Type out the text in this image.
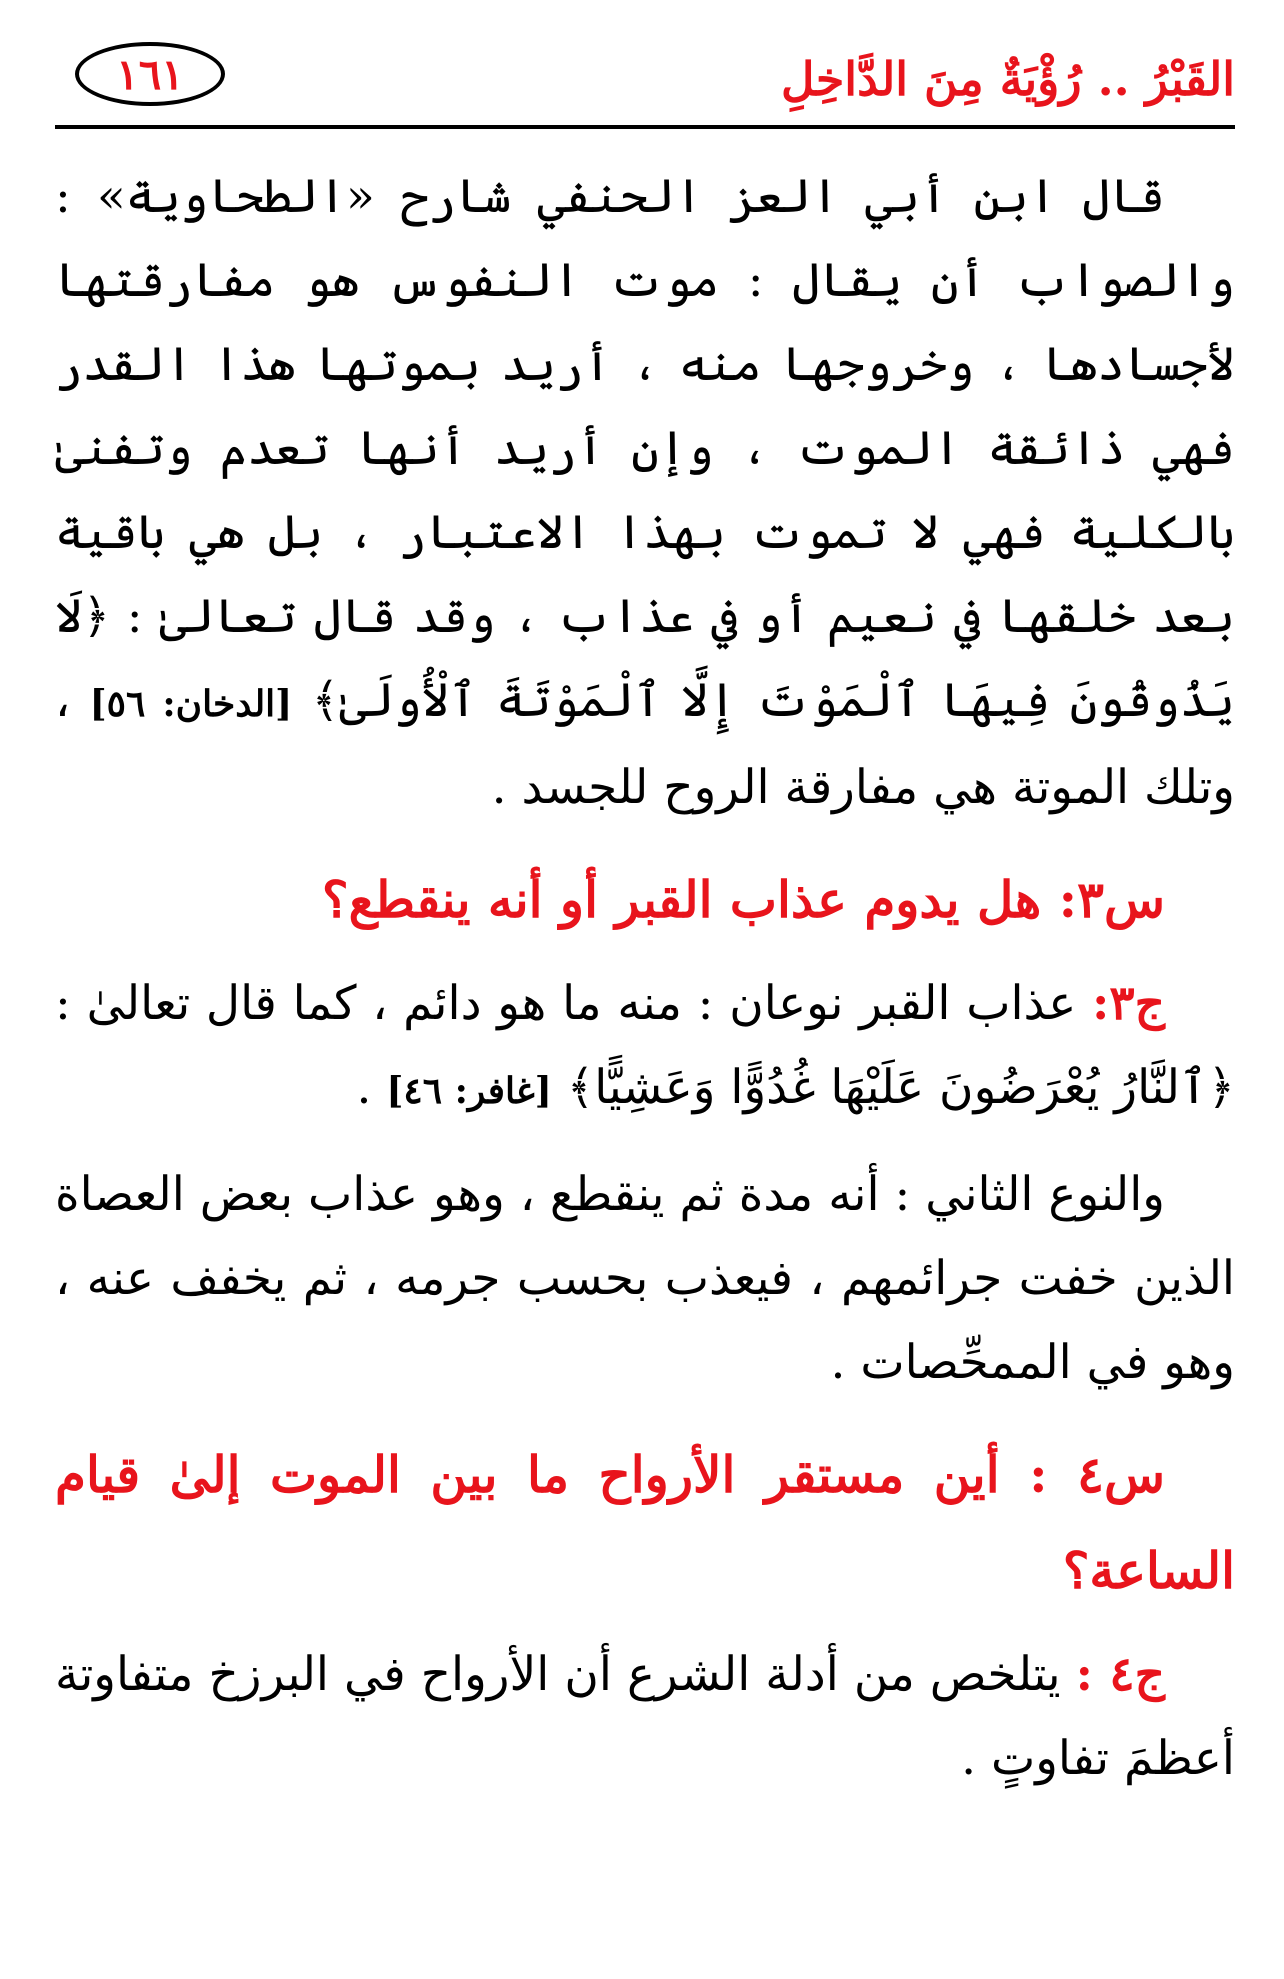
القَبْرُ .. رُؤْيَةٌ مِنَ الدَّاخِلِ
١٦١

قال ابن أبي العز الحنفي شارح «الطحاوية» : والصواب أن يقال : موت النفوس هو مفارقتها لأجسادها ، وخروجها منه ، أريد بموتها هذا القدر فهي ذائقة الموت ، وإن أريد أنها تعدم وتفنىٰ بالكلية فهي لا تموت بهذا الاعتبار ، بل هي باقية بعد خلقها في نعيم أو في عذاب ، وقد قال تعالىٰ : ﴿لَا يَذُوقُونَ فِيهَا ٱلْمَوْتَ إِلَّا ٱلْمَوْتَةَ ٱلْأُولَىٰ﴾ [الدخان: ٥٦] ، وتلك الموتة هي مفارقة الروح للجسد .

س٣: هل يدوم عذاب القبر أو أنه ينقطع؟

ج٣: عذاب القبر نوعان : منه ما هو دائم ، كما قال تعالىٰ : ﴿ٱلنَّارُ يُعْرَضُونَ عَلَيْهَا غُدُوًّا وَعَشِيًّا﴾ [غافر: ٤٦] .

والنوع الثاني : أنه مدة ثم ينقطع ، وهو عذاب بعض العصاة الذين خفت جرائمهم ، فيعذب بحسب جرمه ، ثم يخفف عنه ، وهو في الممحِّصات .

س٤ : أين مستقر الأرواح ما بين الموت إلىٰ قيام الساعة؟

ج٤ : يتلخص من أدلة الشرع أن الأرواح في البرزخ متفاوتة أعظمَ تفاوتٍ .
